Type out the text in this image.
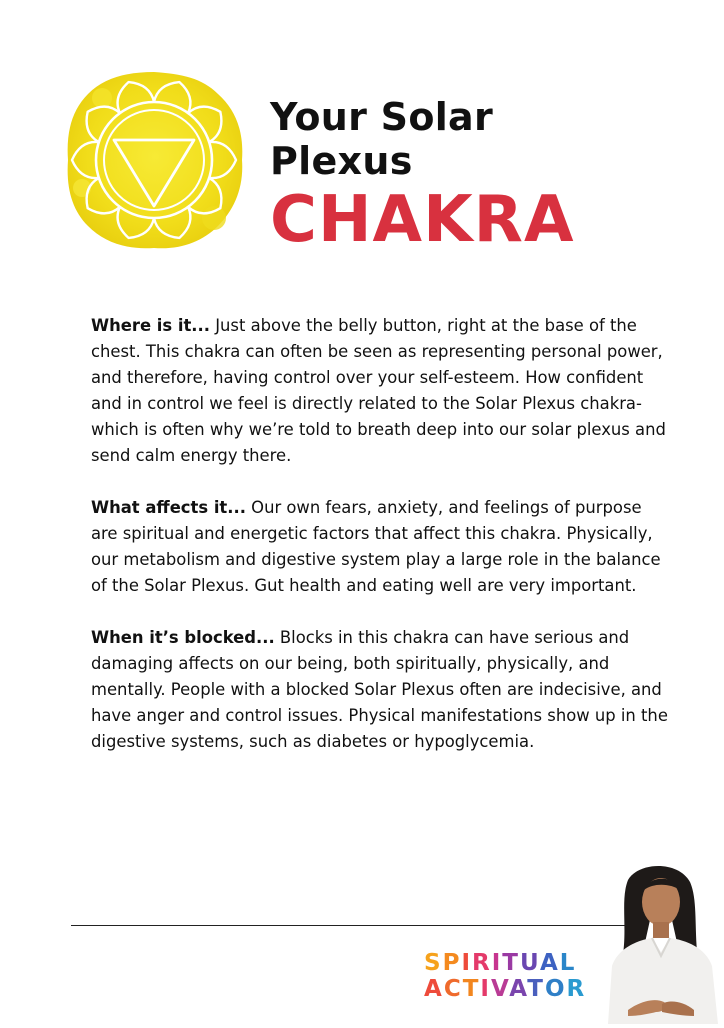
Your Solar
Plexus
CHAKRA

Where is it... Just above the belly button, right at the base of the chest. This chakra can often be seen as representing personal power, and therefore, having control over your self-esteem. How confident and in control we feel is directly related to the Solar Plexus chakra- which is often why we’re told to breath deep into our solar plexus and send calm energy there.

What affects it... Our own fears, anxiety, and feelings of purpose are spiritual and energetic factors that affect this chakra. Physically, our metabolism and digestive system play a large role in the balance of the Solar Plexus. Gut health and eating well are very important.

When it’s blocked... Blocks in this chakra can have serious and damaging affects on our being, both spiritually, physically, and mentally. People with a blocked Solar Plexus often are indecisive, and have anger and control issues. Physical manifestations show up in the digestive systems, such as diabetes or hypoglycemia.

SPIRITUAL
ACTIVATOR
